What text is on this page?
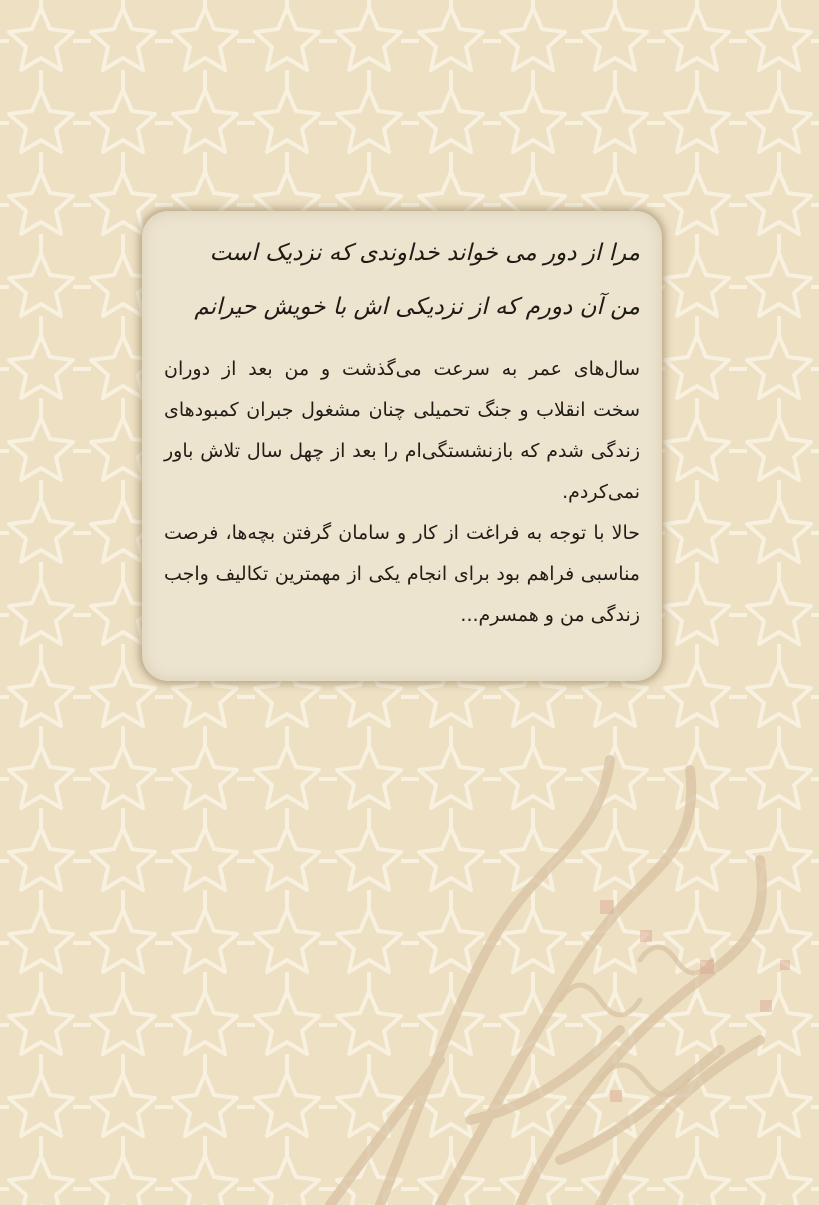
مرا از دور می خواند خداوندی که نزدیک است
من آن دورم که از نزدیکی اش با خویش حیرانم

سال‌های عمر به سرعت می‌گذشت و من بعد از دوران سخت انقلاب و جنگ تحمیلی چنان مشغول جبران کمبودهای زندگی شدم که بازنشستگی‌ام را بعد از چهل سال تلاش باور نمی‌کردم.

حالا با توجه به فراغت از کار و سامان گرفتن بچه‌ها، فرصت مناسبی فراهم بود برای انجام یکی از مهمترین تکالیف واجب زندگی من و همسرم...
